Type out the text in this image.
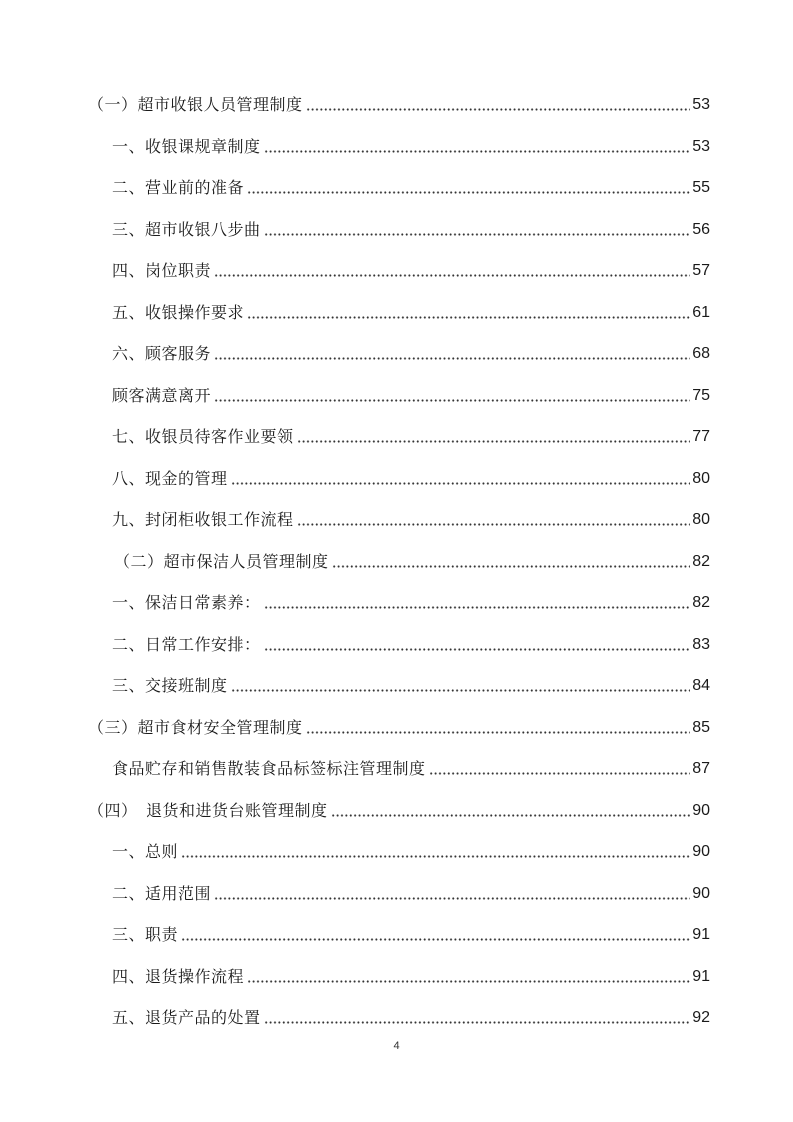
（一）超市收银人员管理制度	53
一、收银课规章制度	53
二、营业前的准备	55
三、超市收银八步曲	56
四、岗位职责	57
五、收银操作要求	61
六、顾客服务	68
顾客满意离开	75
七、收银员待客作业要领	77
八、现金的管理	80
九、封闭柜收银工作流程	80
（二）超市保洁人员管理制度	82
一、保洁日常素养：	82
二、日常工作安排：	83
三、交接班制度	84
（三）超市食材安全管理制度	85
食品贮存和销售散装食品标签标注管理制度	87
（四）　退货和进货台账管理制度	90
一、总则	90
二、适用范围	90
三、职责	91
四、退货操作流程	91
五、退货产品的处置	92
4
